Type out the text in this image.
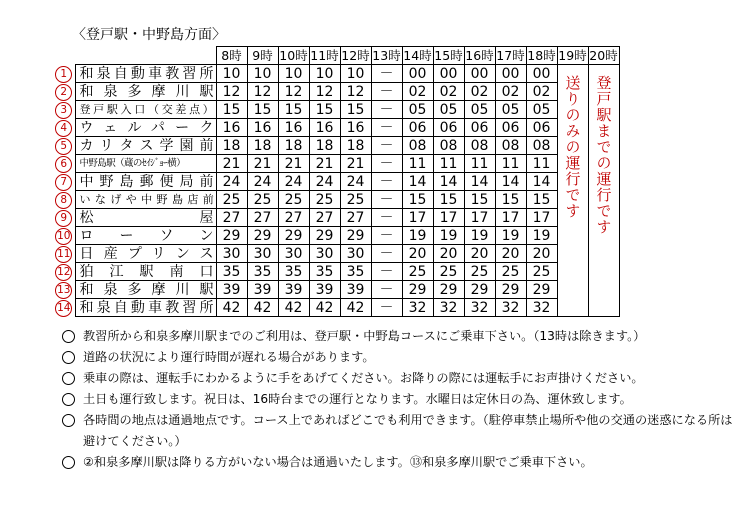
〈登戸駅・中野島方面〉
		8時	9時	10時	11時	12時	13時	14時	15時	16時	17時	18時	19時	20時
1	和泉自動車教習所	10	10	10	10	10	－	00	00	00	00	00	送りのみの運行です	登戸駅までの運行です

2	和 泉 多 摩 川 駅	12	12	12	12	12	－	02	02	02	02	02		
3	登戸駅入口（交差点）	15	15	15	15	15	－	05	05	05	05	05		
4	ウェルパーク	16	16	16	16	16	－	06	06	06	06	06		
5	カリタス学園前	18	18	18	18	18	－	08	08	08	08	08		
6	中野島駅（蔵のｾｲｼﾞｮｰ横）	21	21	21	21	21	－	11	11	11	11	11		
7	中野島郵便局前	24	24	24	24	24	－	14	14	14	14	14		
8	いなげや中野島店前	25	25	25	25	25	－	15	15	15	15	15		
9	松 屋	27	27	27	27	27	－	17	17	17	17	17		
10	ロ ー ソ ン	29	29	29	29	29	－	19	19	19	19	19		
11	日産プリンス	30	30	30	30	30	－	20	20	20	20	20		
12	狛 江 駅 南 口	35	35	35	35	35	－	25	25	25	25	25		
13	和 泉 多 摩 川 駅	39	39	39	39	39	－	29	29	29	29	29		
14	和泉自動車教習所	42	42	42	42	42	－	32	32	32	32	32		
教習所から和泉多摩川駅までのご利用は、登戸駅・中野島コースにご乗車下さい。（13時は除きます。）
道路の状況により運行時間が遅れる場合があります。
乗車の際は、運転手にわかるように手をあげてください。お降りの際には運転手にお声掛けください。
土日も運行致します。祝日は、16時台までの運行となります。水曜日は定休日の為、運休致します。
各時間の地点は通過地点です。コース上であればどこでも利用できます。（駐停車禁止場所や他の交通の迷惑になる所は避けてください。）
②和泉多摩川駅は降りる方がいない場合は通過いたします。⑬和泉多摩川駅でご乗車下さい。
